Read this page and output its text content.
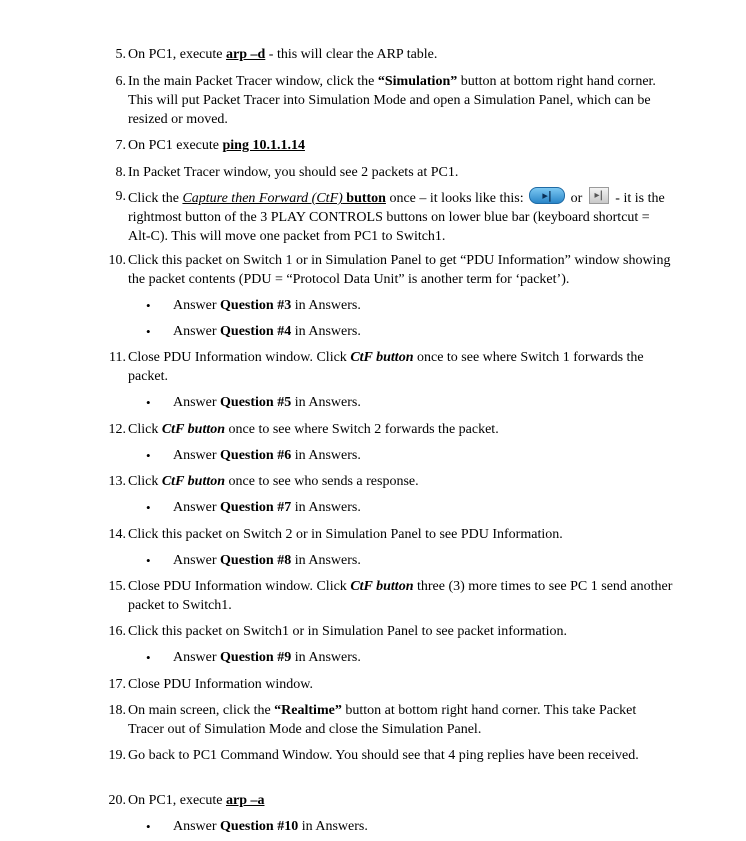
5. On PC1, execute arp –d - this will clear the ARP table.
6. In the main Packet Tracer window, click the “Simulation” button at bottom right hand corner. This will put Packet Tracer into Simulation Mode and open a Simulation Panel, which can be resized or moved.
7. On PC1 execute ping 10.1.1.14
8. In Packet Tracer window, you should see 2 packets at PC1.
9. Click the Capture then Forward (CtF) button once – it looks like this: ▸|	or ▸| - it is the rightmost button of the 3 PLAY CONTROLS buttons on lower blue bar (keyboard shortcut = Alt-C). This will move one packet from PC1 to Switch1.
10. Click this packet on Switch 1 or in Simulation Panel to get “PDU Information” window showing the packet contents (PDU = “Protocol Data Unit” is another term for ‘packet’).
• Answer Question #3 in Answers.
• Answer Question #4 in Answers.
11. Close PDU Information window. Click CtF button once to see where Switch 1 forwards the packet.
• Answer Question #5 in Answers.
12. Click CtF button once to see where Switch 2 forwards the packet.
• Answer Question #6 in Answers.
13. Click CtF button once to see who sends a response.
• Answer Question #7 in Answers.
14. Click this packet on Switch 2 or in Simulation Panel to see PDU Information.
• Answer Question #8 in Answers.
15. Close PDU Information window. Click CtF button three (3) more times to see PC 1 send another packet to Switch1.
16. Click this packet on Switch1 or in Simulation Panel to see packet information.
• Answer Question #9 in Answers.
17. Close PDU Information window.
18. On main screen, click the “Realtime” button at bottom right hand corner. This take Packet Tracer out of Simulation Mode and close the Simulation Panel.
19. Go back to PC1 Command Window. You should see that 4 ping replies have been received.
20. On PC1, execute arp –a
• Answer Question #10 in Answers.
